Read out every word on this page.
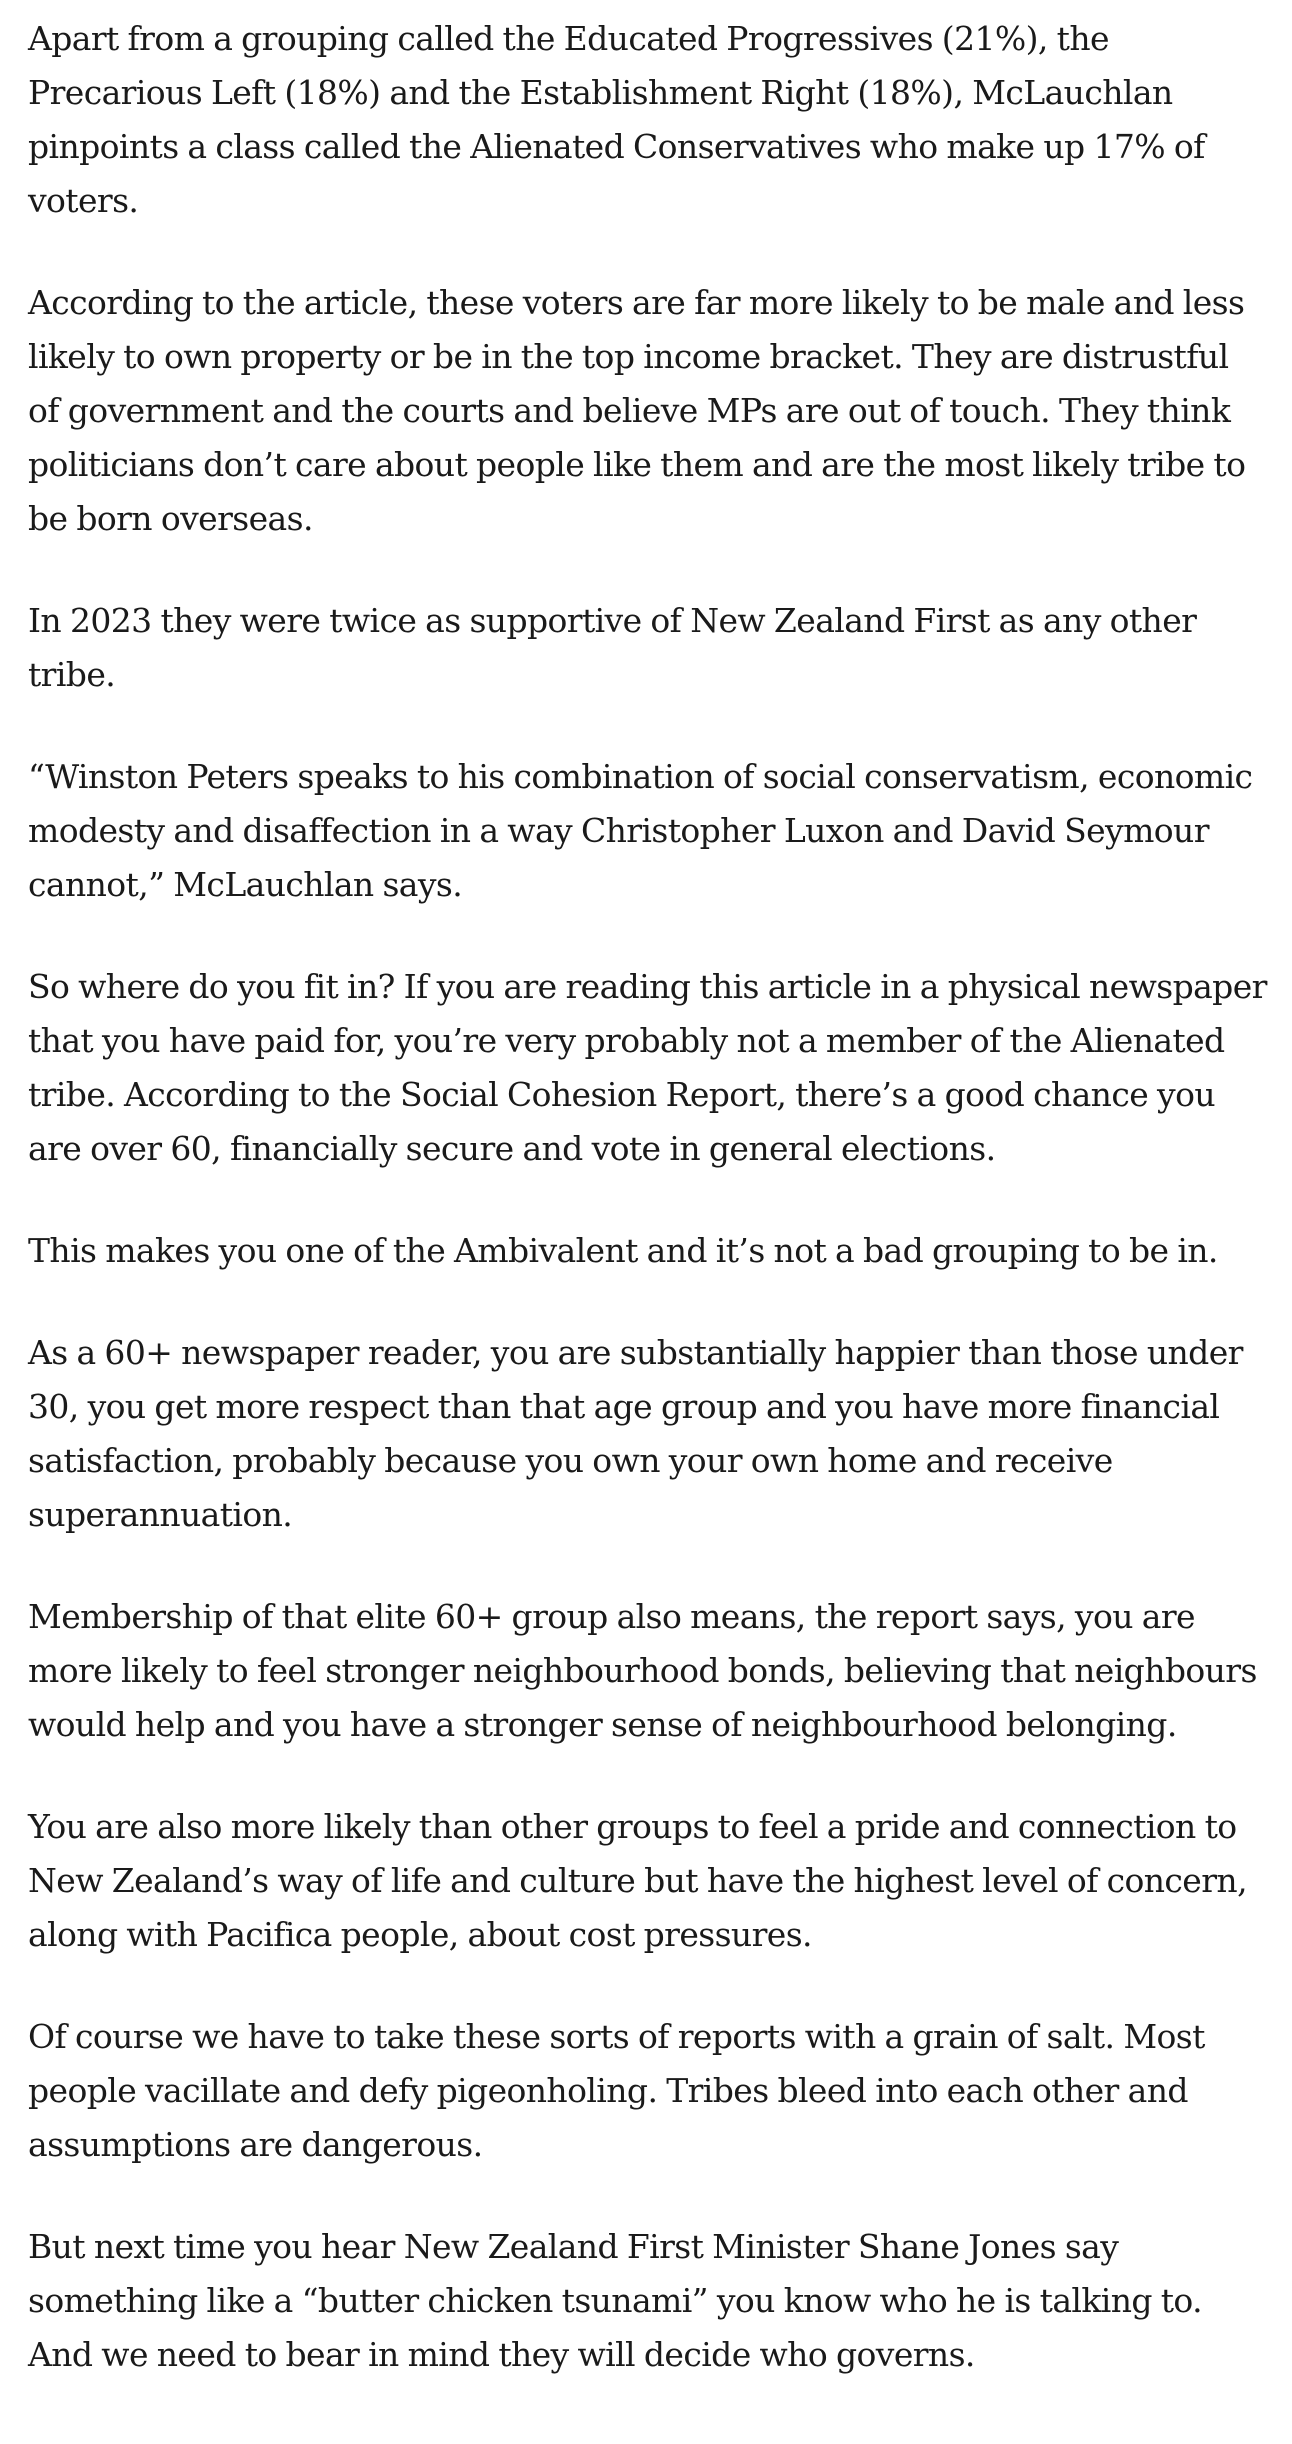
Apart from a grouping called the Educated Progressives (21%), the Precarious Left (18%) and the Establishment Right (18%), McLauchlan pinpoints a class called the Alienated Conservatives who make up 17% of voters.

According to the article, these voters are far more likely to be male and less likely to own property or be in the top income bracket. They are distrustful of government and the courts and believe MPs are out of touch. They think politicians don’t care about people like them and are the most likely tribe to be born overseas.

In 2023 they were twice as supportive of New Zealand First as any other tribe.

“Winston Peters speaks to his combination of social conservatism, economic modesty and disaffection in a way Christopher Luxon and David Seymour cannot,” McLauchlan says.

So where do you fit in? If you are reading this article in a physical newspaper that you have paid for, you’re very probably not a member of the Alienated tribe. According to the Social Cohesion Report, there’s a good chance you are over 60, financially secure and vote in general elections.

This makes you one of the Ambivalent and it’s not a bad grouping to be in.

As a 60+ newspaper reader, you are substantially happier than those under 30, you get more respect than that age group and you have more financial satisfaction, probably because you own your own home and receive superannuation.

Membership of that elite 60+ group also means, the report says, you are more likely to feel stronger neighbourhood bonds, believing that neighbours would help and you have a stronger sense of neighbourhood belonging.

You are also more likely than other groups to feel a pride and connection to New Zealand’s way of life and culture but have the highest level of concern, along with Pacifica people, about cost pressures.

Of course we have to take these sorts of reports with a grain of salt. Most people vacillate and defy pigeonholing. Tribes bleed into each other and assumptions are dangerous.

But next time you hear New Zealand First Minister Shane Jones say something like a “butter chicken tsunami” you know who he is talking to. And we need to bear in mind they will decide who governs.
